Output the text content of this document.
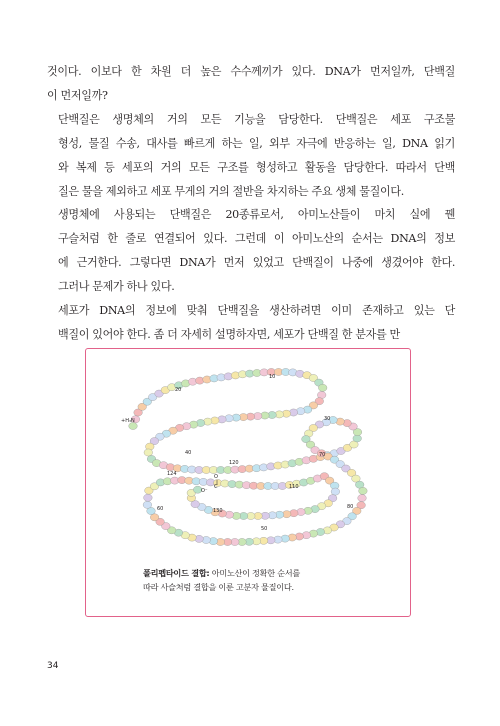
것이다. 이보다 한 차원 더 높은 수수께끼가 있다. DNA가 먼저일까, 단백질
이 먼저일까?

단백질은 생명체의 거의 모든 기능을 담당한다. 단백질은 세포 구조물
형성, 물질 수송, 대사를 빠르게 하는 일, 외부 자극에 반응하는 일, DNA 읽기
와 복제 등 세포의 거의 모든 구조를 형성하고 활동을 담당한다. 따라서 단백
질은 물을 제외하고 세포 무게의 거의 절반을 차지하는 주요 생체 물질이다.

생명체에 사용되는 단백질은 20종류로서, 아미노산들이 마치 실에 꿴
구슬처럼 한 줄로 연결되어 있다. 그런데 이 아미노산의 순서는 DNA의 정보
에 근거한다. 그렇다면 DNA가 먼저 있었고 단백질이 나중에 생겼어야 한다.
그러나 문제가 하나 있다.

세포가 DNA의 정보에 맞춰 단백질을 생산하려면 이미 존재하고 있는 단
백질이 있어야 한다. 좀 더 자세히 설명하자면, 세포가 단백질 한 분자를 만

+H₃N
10
20
30
40
60
70
80
110
120
124
130
50
C
O
O⁻
폴리펩타이드 결합: 아미노산이 정확한 순서를
따라 사슬처럼 결합을 이룬 고분자 물질이다.
34
